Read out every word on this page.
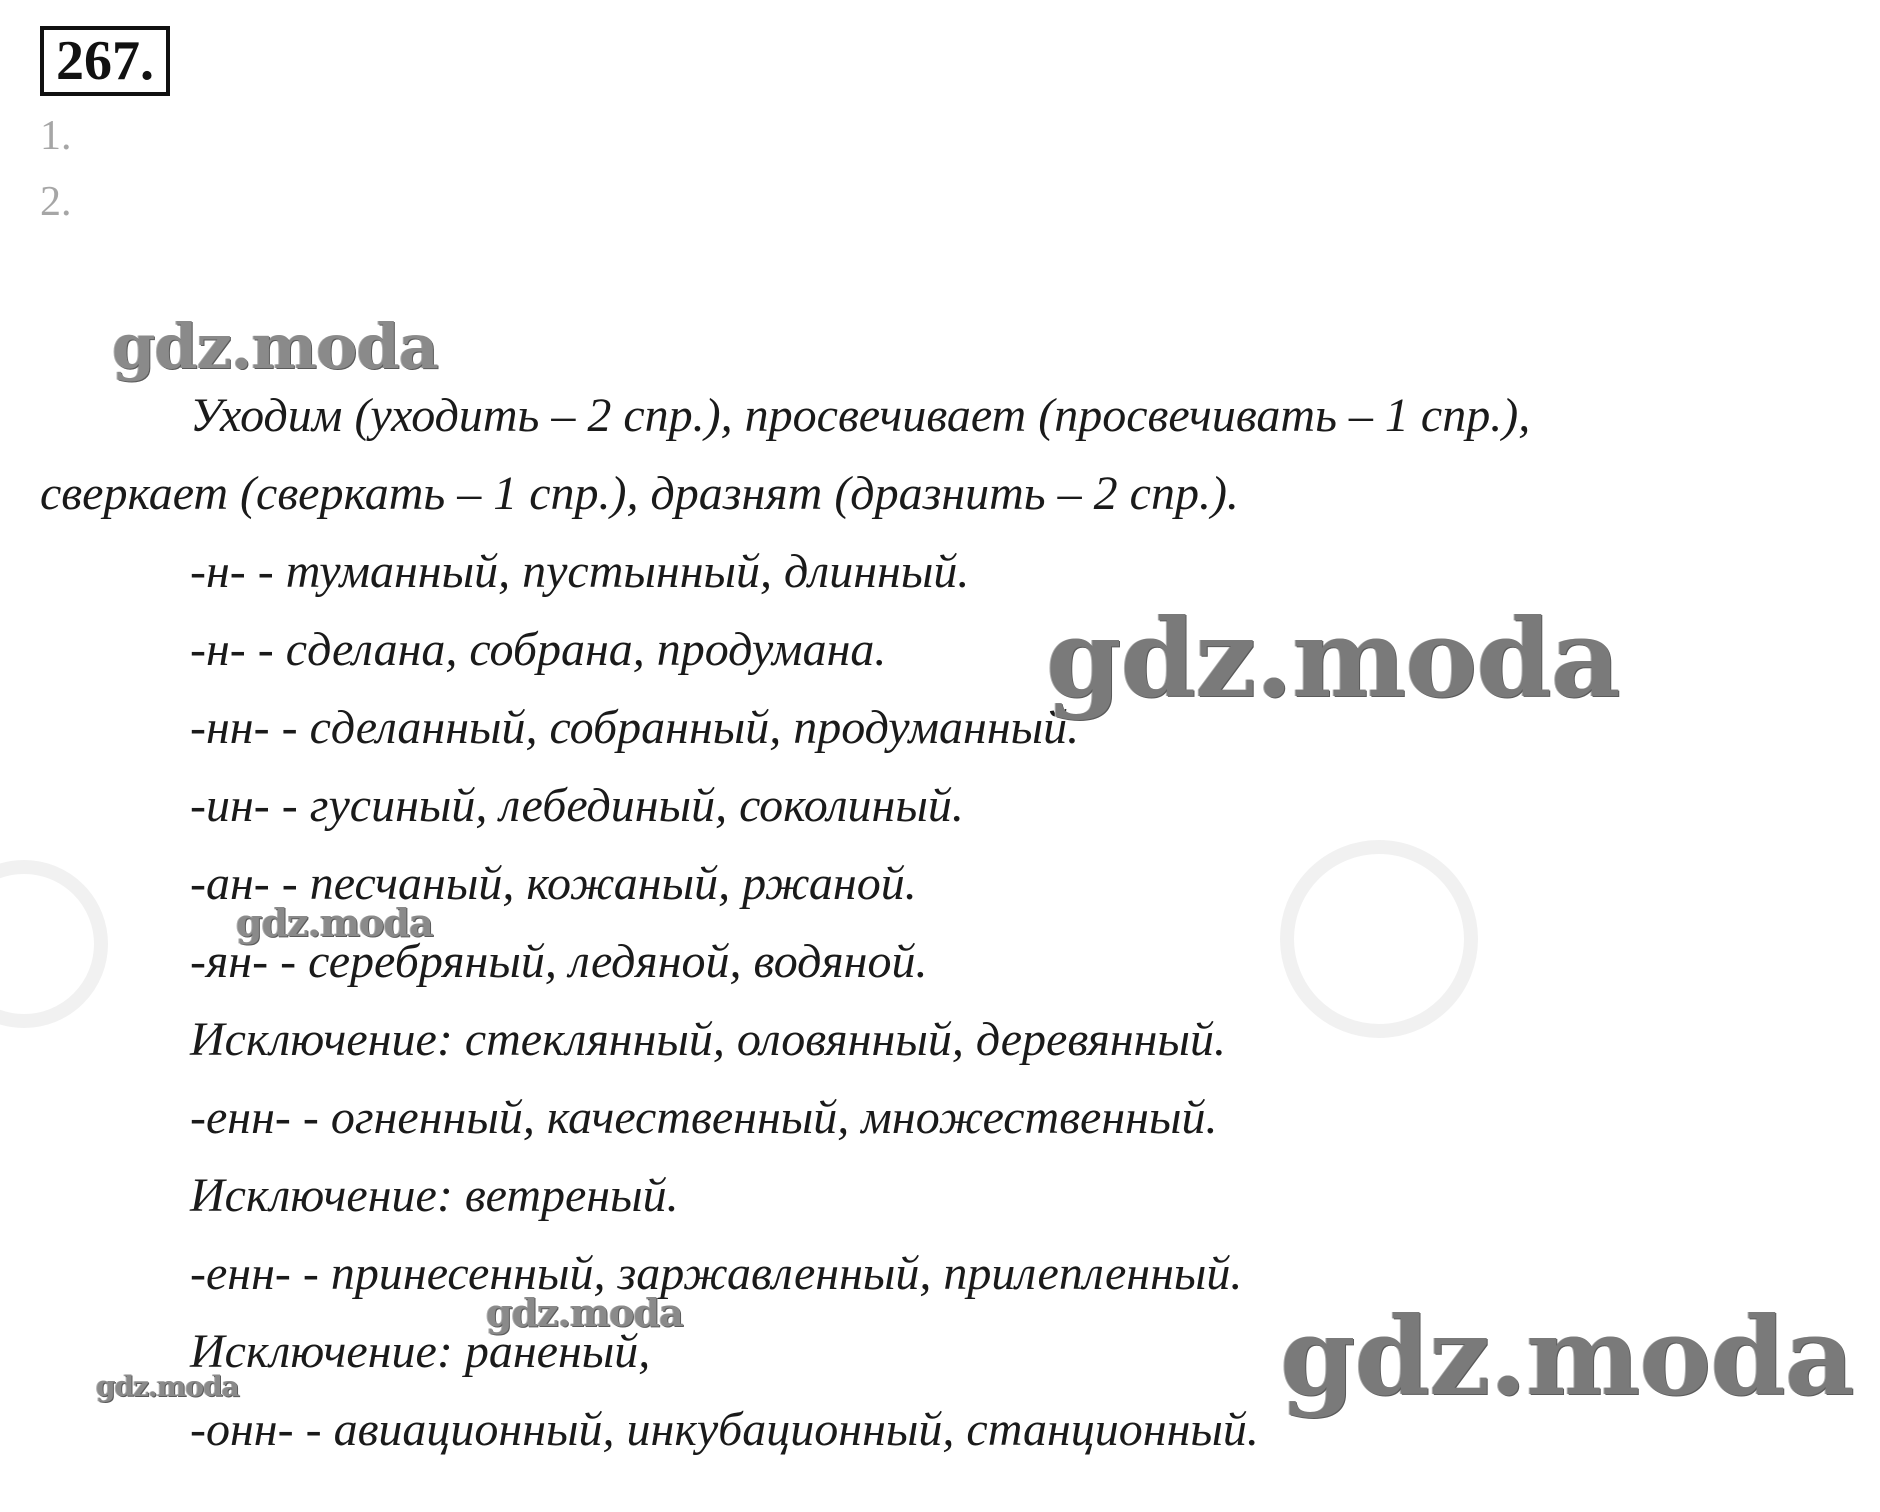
267.
1.
2.
Уходим (уходить – 2 спр.), просвечивает (просвечивать – 1 спр.),
сверкает (сверкать – 1 спр.), дразнят (дразнить – 2 спр.).
-н- - туманный, пустынный, длинный.
-н- - сделана, собрана, продумана.
-нн- - сделанный, собранный, продуманный.
-ин- - гусиный, лебединый, соколиный.
-ан- - песчаный, кожаный, ржаной.
-ян- - серебряный, ледяной, водяной.
Исключение: стеклянный, оловянный, деревянный.
-енн- - огненный, качественный, множественный.
Исключение: ветреный.
-енн- - принесенный, заржавленный, прилепленный.
Исключение: раненый,
-онн- - авиационный, инкубационный, станционный.
gdz.moda
gdz.moda
gdz.moda
gdz.moda	gdz.moda
gdz.moda
